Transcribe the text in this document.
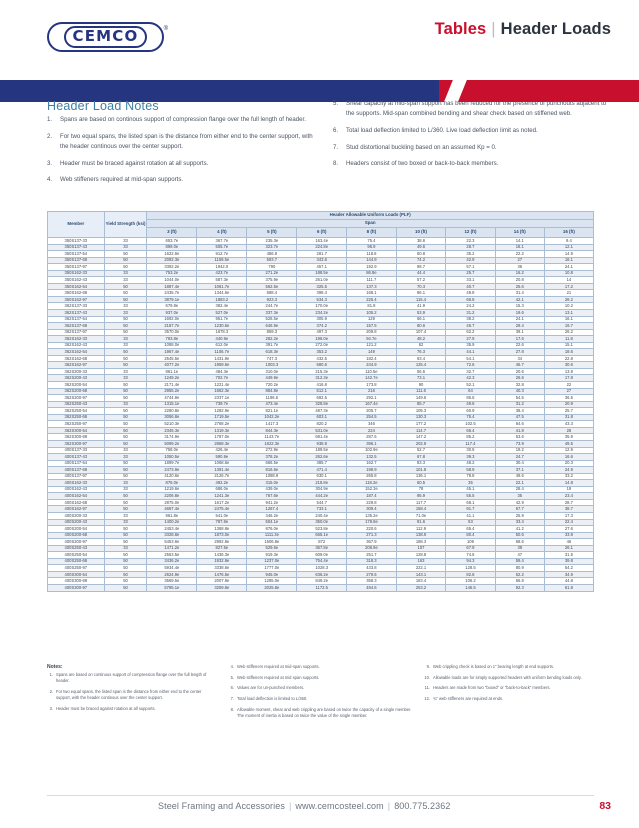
CEMCO	®	Tables | Header Loads
Header Load Notes
1.	Spans are based on continous support of compression flange over the full length of header.
2.	For two equal spans, the listed span is the distance from either end to the center support, with the header continous over the center support.
3.	Header must be braced against rotation at all supports.
4.	Web stiffeners required at mid-span supports.
5.	Shear capacity at mid-span support has been reduced for the presence of punchouts adjacent to the supports. Mid-span combined bending and shear check based on stiffened web.
6.	Total load deflection limited to L/360. Live load deflection limit as noted.
7.	Stud distortional buckling based on an assumed Kp = 0.
8.	Headers consist of two boxed or back-to-back members.
Member	Yield Strength (ksi)	Header Allowable Uniform Loads (PLF)								
		Span								
		3 (ft)	4 (ft)	5 (ft)	6 (ft)	8 (ft)	10 (ft)	12 (ft)	14 (ft)	16 (ft)
350S137-33	33	653.7e	367.7e	235.3e	163.4e	75.4	38.6	22.3	14.1	9.4
350S137-43	33	899.0e	505.7e	323.7e	224.8e	96.9	49.6	28.7	18.1	12.1
350S137-54	50	1622.6e	912.7e	486.8	281.7	118.8	60.8	35.2	22.2	14.9
350S137-68	50	2092.3e	1159.5e	593.7	343.6	144.9	74.2	42.9	27	18.1
350S137-97	50	3392.2e	1942.0	790	457.1	192.9	98.7	57.1	36	24.1
350S162-33	33	753.2e	423.7e	271.2e	188.5e	86.8e	44.4	25.7	16.2	10.8
350S162-43	33	1044.0e	587.3e	375.9e	261.0e	111.7	57.2	33.1	20.8	14
350S162-54	50	1887.4e	1061.7e	562.5e	325.5	137.3	70.3	40.7	25.6	17.2
350S162-68	50	2435.7e	1344.6e	688.4	398.4	168.1	86.1	49.8	31.4	21
350S162-97	50	3879.1e	1883.2	923.3	534.3	225.4	115.4	66.8	42.1	28.2
362S137-33	33	679.8e	382.4e	244.7e	170.0e	81.8	41.9	24.2	15.3	10.2
362S137-43	33	937.0e	527.0e	337.3e	234.2e	105.2	53.9	31.2	19.6	13.1
362S137-54	50	1692.0e	951.7e	528.5e	305.9	129	66.1	38.2	24.1	16.1
362S137-68	50	2187.7e	1230.6e	646.9e	374.2	157.5	80.6	46.7	29.4	19.7
362S137-97	50	3570.0e	1678.3	859.3	497.3	209.8	107.4	62.2	39.1	26.2
362S162-33	33	783.8e	440.9e	282.2e	196.0e	94.7e	48.2	27.9	17.6	11.8
362S162-43	33	1088.0e	612.0e	391.7e	272.0e	121.2	62	35.9	22.6	15.1
362S162-54	50	1967.4e	1106.7e	618.3e	353.2	149	76.3	44.1	27.8	18.6
362S162-68	50	2545.5e	1431.9e	747.3	432.5	182.4	93.4	54.1	34	22.8
362S162-97	50	4077.2e	1959.6e	1003.3	580.6	244.9	125.4	72.6	45.7	30.6
362S200-33	33	861.1e	484.3e	310.0e	215.3e	110.5e	56.6	32.7	20.6	13.8
362S200-43	33	1249.2e	702.7e	449.9e	312.3e	142.7e	73.1	42.3	26.6	17.8
362S200-54	50	2171.4e	1221.4e	720.2e	416.8	173.8	90	52.1	32.8	22
362S200-68	50	2955.2e	1662.3e	884.8e	512.1	216	111.6	64	40.3	27
362S200-97	50	4744.9e	2337.1e	1196.6	692.5	292.1	149.6	86.6	54.5	36.5
362S250-43	33	1315.1e	739.7e	473.4e	328.8e	167.4e	85.7	49.6	31.2	20.9
362S250-54	50	2280.8e	1282.9e	821.1e	487.3e	205.7	105.3	60.9	38.4	25.7
362S250-68	50	3056.8e	1719.5e	1042.2e	603.1	254.5	130.3	75.4	47.5	31.8
362S250-97	50	5210.3e	2768.2e	1417.3	820.2	346	177.2	102.5	64.6	43.3
362S300-54	50	2345.3e	1319.3e	844.3e	531.0e	224	114.7	66.4	41.8	28
362S300-68	50	3174.9e	1787.0e	1143.7e	681.4e	287.5	147.2	85.2	53.6	35.9
362S300-97	50	5099.2e	2868.3e	1622.3e	938.8	396.1	202.8	117.4	73.9	49.5
400S137-33	33	758.0e	426.4e	272.9e	189.5e	102.9e	52.7	30.5	19.2	12.9
400S137-43	33	1050.5e	590.9e	378.2e	262.6e	132.5	67.8	39.3	24.7	16.6
400S137-54	50	1899.7e	1068.6e	666.5e	385.7	162.7	83.3	48.2	30.4	20.3
400S137-68	50	2473.9e	1391.4e	816.6e	471.4	198.9	101.8	58.9	37.1	24.9
400S137-97	50	4120.6e	2126.7e	1088.9	630.1	265.8	136.1	78.8	49.6	33.2
400S162-33	33	875.0e	492.2e	315.0e	218.8e	118.2e	60.5	35	22.1	14.8
400S162-43	33	1219.6e	686.0e	439.0e	304.9e	152.3e	78	45.1	28.4	19
400S162-54	50	2206.8e	1241.3e	767.6e	444.2e	187.4	95.9	55.5	35	23.4
400S162-68	50	2875.0e	1617.2e	941.2e	544.7	229.8	117.7	68.1	42.9	28.7
400S162-97	50	4687.4e	2475.4e	1267.4	733.1	309.4	158.4	91.7	57.7	38.7
400S200-33	33	961.8e	541.0e	346.2e	240.4e	135.2e	71.0e	41.1	25.9	17.3
400S200-43	33	1400.2e	787.6e	504.1e	350.0e	178.8e	91.6	53	33.4	22.4
400S200-54	50	2453.4e	1368.8e	876.0e	523.8e	220.6	112.9	65.4	41.2	27.6
400S200-68	50	3328.8e	1873.0e	1111.3e	665.1e	271.3	138.9	80.4	50.6	33.9
400S200-97	50	5453.6e	2992.8e	1506.8e	872	367.9	188.3	109	68.6	46
400S250-43	33	1471.2e	827.5e	529.6e	367.8e	206.9e	107	67.9	39	26.1
400S250-54	50	2553.5e	1436.3e	919.3e	609.0e	251.7	128.8	74.6	47	31.5
400S250-68	50	3436.2e	1932.9e	1237.0e	754.4e	318.3	163	94.3	59.4	39.8
400S250-97	50	5934.4e	3338.6e	1777.0e	1028.3	433.8	222.1	128.5	80.9	54.2
400S300-54	50	2624.9e	1476.5e	945.0e	636.2e	279.5	143.1	82.8	52.2	34.9
400S300-68	50	3569.5e	2007.9e	1285.0e	849.2e	358.3	183.4	106.2	66.8	44.8
400S300-97	50	5795.1e	3259.8e	2025.8e	1172.5	494.6	253.2	146.5	92.3	61.8
Notes:
1. Spans are based on continous support of compression flange over the full length of header.
2. For two equal spans, the listed span is the distance from either end to the center support, with the header continous over the center support.
3. Header must be braced against rotation at all supports.
4. Web stiffeners required at mid-span supports.
5. Web stiffeners required at mid span supports.
6. Values are for un-punched members.
7. Total load deflection is limited to L/360.
8. Allowable moment, shear and web crippling are based on twice the capacity of a single member. The moment of inertia is based on twice the value of the single member.
9. Web crippling check is based on 1" bearing length at end supports.
10. Allowable loads are for simply supported headers with uniform bending loads only.
11. Headers are made from two "boxed" or "back-to-back" members.
12. ¾" web stiffeners are required at ends.
Steel Framing and Accessories | www.cemcosteel.com | 800.775.2362	83
